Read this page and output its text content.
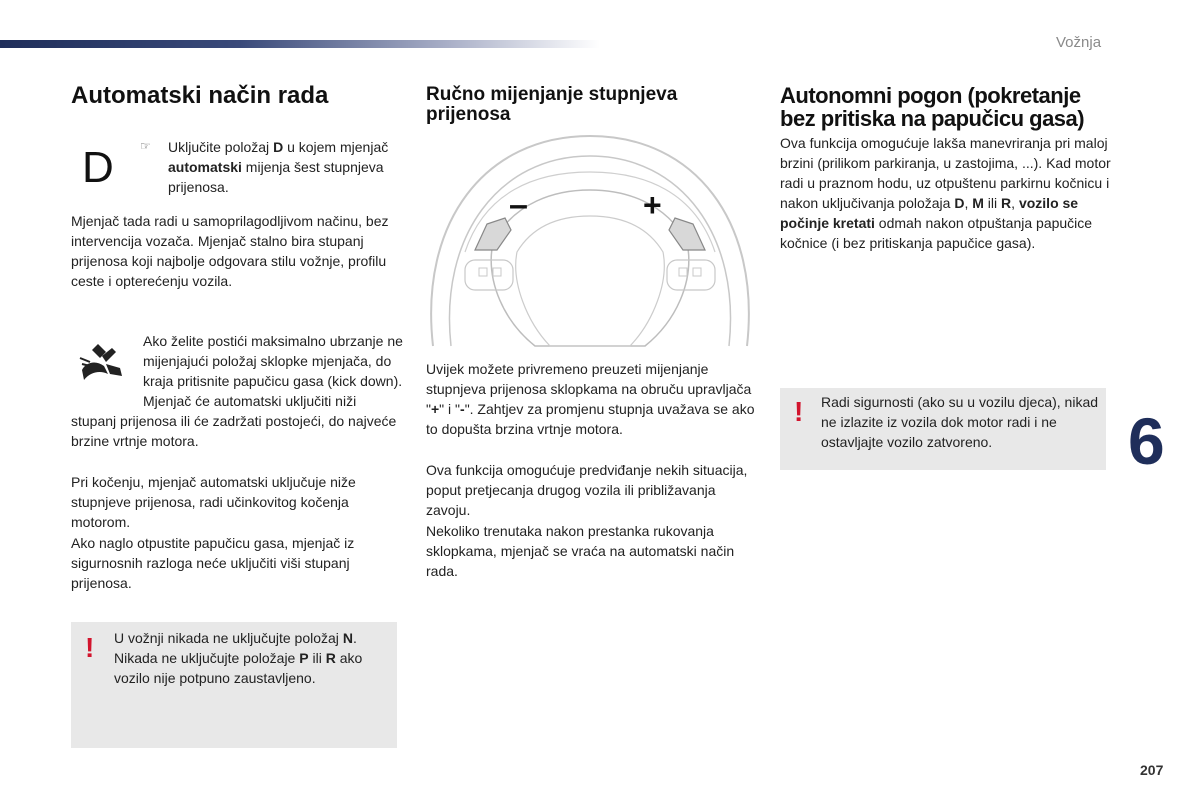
Vožnja
6
207
Automatski način rada
D ☞ Uključite položaj D u kojem mjenjač automatski mijenja šest stupnjeva prijenosa.
Mjenjač tada radi u samoprilagodljivom načinu, bez intervencija vozača. Mjenjač stalno bira stupanj prijenosa koji najbolje odgovara stilu vožnje, profilu ceste i opterećenju vozila.
Ako želite postići maksimalno ubrzanje ne mijenjajući položaj sklopke mjenjača, do kraja pritisnite papučicu gasa (kick down). Mjenjač će automatski uključiti niži stupanj prijenosa ili će zadržati postojeći, do najveće brzine vrtnje motora.
Pri kočenju, mjenjač automatski uključuje niže stupnjeve prijenosa, radi učinkovitog kočenja motorom.
Ako naglo otpustite papučicu gasa, mjenjač iz sigurnosnih razloga neće uključiti viši stupanj prijenosa.
! U vožnji nikada ne uključujte položaj N. Nikada ne uključujte položaje P ili R ako vozilo nije potpuno zaustavljeno.
Ručno mijenjanje stupnjeva prijenosa
–	+
Uvijek možete privremeno preuzeti mijenjanje stupnjeva prijenosa sklopkama na obruču upravljača "+" i "-". Zahtjev za promjenu stupnja uvažava se ako to dopušta brzina vrtnje motora.
Ova funkcija omogućuje predviđanje nekih situacija, poput pretjecanja drugog vozila ili približavanja zavoju.
Nekoliko trenutaka nakon prestanka rukovanja sklopkama, mjenjač se vraća na automatski način rada.
Autonomni pogon (pokretanje bez pritiska na papučicu gasa)
Ova funkcija omogućuje lakša manevriranja pri maloj brzini (prilikom parkiranja, u zastojima, ...). Kad motor radi u praznom hodu, uz otpuštenu parkirnu kočnicu i nakon uključivanja položaja D, M ili R, vozilo se počinje kretati odmah nakon otpuštanja papučice kočnice (i bez pritiskanja papučice gasa).
! Radi sigurnosti (ako su u vozilu djeca), nikad ne izlazite iz vozila dok motor radi i ne ostavljajte vozilo zatvoreno.
